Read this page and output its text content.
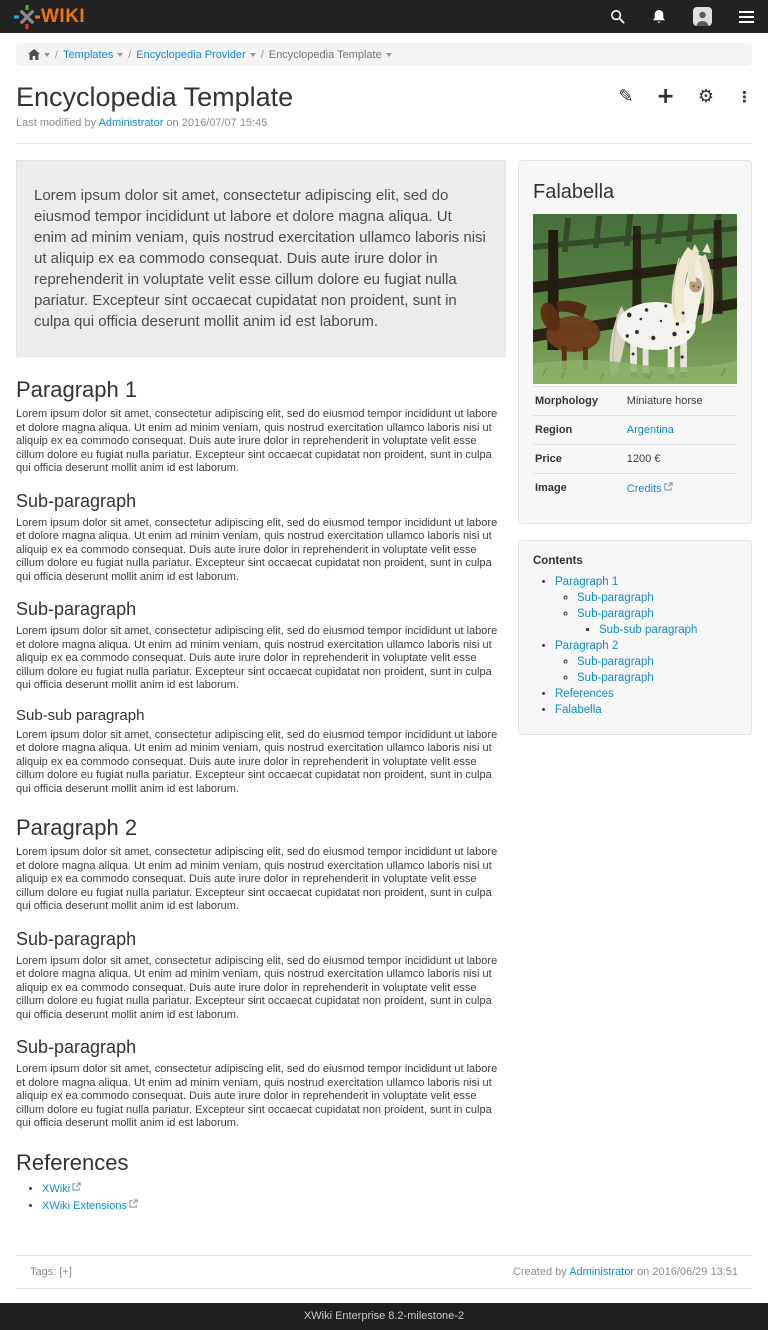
WIKI
/ Templates / Encyclopedia Provider / Encyclopedia Template
Encyclopedia Template	✎ + ⚙ ⋮
Last modified by Administrator on 2016/07/07 15:45
Lorem ipsum dolor sit amet, consectetur adipiscing elit, sed do eiusmod tempor incididunt ut labore et dolore magna aliqua. Ut enim ad minim veniam, quis nostrud exercitation ullamco laboris nisi ut aliquip ex ea commodo consequat. Duis aute irure dolor in reprehenderit in voluptate velit esse cillum dolore eu fugiat nulla pariatur. Excepteur sint occaecat cupidatat non proident, sunt in culpa qui officia deserunt mollit anim id est laborum.
Paragraph 1

Lorem ipsum dolor sit amet, consectetur adipiscing elit, sed do eiusmod tempor incididunt ut labore et dolore magna aliqua. Ut enim ad minim veniam, quis nostrud exercitation ullamco laboris nisi ut aliquip ex ea commodo consequat. Duis aute irure dolor in reprehenderit in voluptate velit esse cillum dolore eu fugiat nulla pariatur. Excepteur sint occaecat cupidatat non proident, sunt in culpa qui officia deserunt mollit anim id est laborum.

Sub-paragraph

Lorem ipsum dolor sit amet, consectetur adipiscing elit, sed do eiusmod tempor incididunt ut labore et dolore magna aliqua. Ut enim ad minim veniam, quis nostrud exercitation ullamco laboris nisi ut aliquip ex ea commodo consequat. Duis aute irure dolor in reprehenderit in voluptate velit esse cillum dolore eu fugiat nulla pariatur. Excepteur sint occaecat cupidatat non proident, sunt in culpa qui officia deserunt mollit anim id est laborum.

Sub-paragraph

Lorem ipsum dolor sit amet, consectetur adipiscing elit, sed do eiusmod tempor incididunt ut labore et dolore magna aliqua. Ut enim ad minim veniam, quis nostrud exercitation ullamco laboris nisi ut aliquip ex ea commodo consequat. Duis aute irure dolor in reprehenderit in voluptate velit esse cillum dolore eu fugiat nulla pariatur. Excepteur sint occaecat cupidatat non proident, sunt in culpa qui officia deserunt mollit anim id est laborum.

Sub-sub paragraph

Lorem ipsum dolor sit amet, consectetur adipiscing elit, sed do eiusmod tempor incididunt ut labore et dolore magna aliqua. Ut enim ad minim veniam, quis nostrud exercitation ullamco laboris nisi ut aliquip ex ea commodo consequat. Duis aute irure dolor in reprehenderit in voluptate velit esse cillum dolore eu fugiat nulla pariatur. Excepteur sint occaecat cupidatat non proident, sunt in culpa qui officia deserunt mollit anim id est laborum.

Paragraph 2

Lorem ipsum dolor sit amet, consectetur adipiscing elit, sed do eiusmod tempor incididunt ut labore et dolore magna aliqua. Ut enim ad minim veniam, quis nostrud exercitation ullamco laboris nisi ut aliquip ex ea commodo consequat. Duis aute irure dolor in reprehenderit in voluptate velit esse cillum dolore eu fugiat nulla pariatur. Excepteur sint occaecat cupidatat non proident, sunt in culpa qui officia deserunt mollit anim id est laborum.

Sub-paragraph

Lorem ipsum dolor sit amet, consectetur adipiscing elit, sed do eiusmod tempor incididunt ut labore et dolore magna aliqua. Ut enim ad minim veniam, quis nostrud exercitation ullamco laboris nisi ut aliquip ex ea commodo consequat. Duis aute irure dolor in reprehenderit in voluptate velit esse cillum dolore eu fugiat nulla pariatur. Excepteur sint occaecat cupidatat non proident, sunt in culpa qui officia deserunt mollit anim id est laborum.

Sub-paragraph

Lorem ipsum dolor sit amet, consectetur adipiscing elit, sed do eiusmod tempor incididunt ut labore et dolore magna aliqua. Ut enim ad minim veniam, quis nostrud exercitation ullamco laboris nisi ut aliquip ex ea commodo consequat. Duis aute irure dolor in reprehenderit in voluptate velit esse cillum dolore eu fugiat nulla pariatur. Excepteur sint occaecat cupidatat non proident, sunt in culpa qui officia deserunt mollit anim id est laborum.

References
• XWiki
• XWiki Extensions
Falabella
Morphology	Miniature horse
Region	Argentina
Price	1200 €
Image	Credits
Contents
• Paragraph 1
◦ Sub-paragraph
◦ Sub-paragraph
▪ Sub-sub paragraph
• Paragraph 2
◦ Sub-paragraph
◦ Sub-paragraph
• References
• Falabella
Tags: [+]	Created by Administrator on 2016/06/29 13:51
XWiki Enterprise 8.2-milestone-2
